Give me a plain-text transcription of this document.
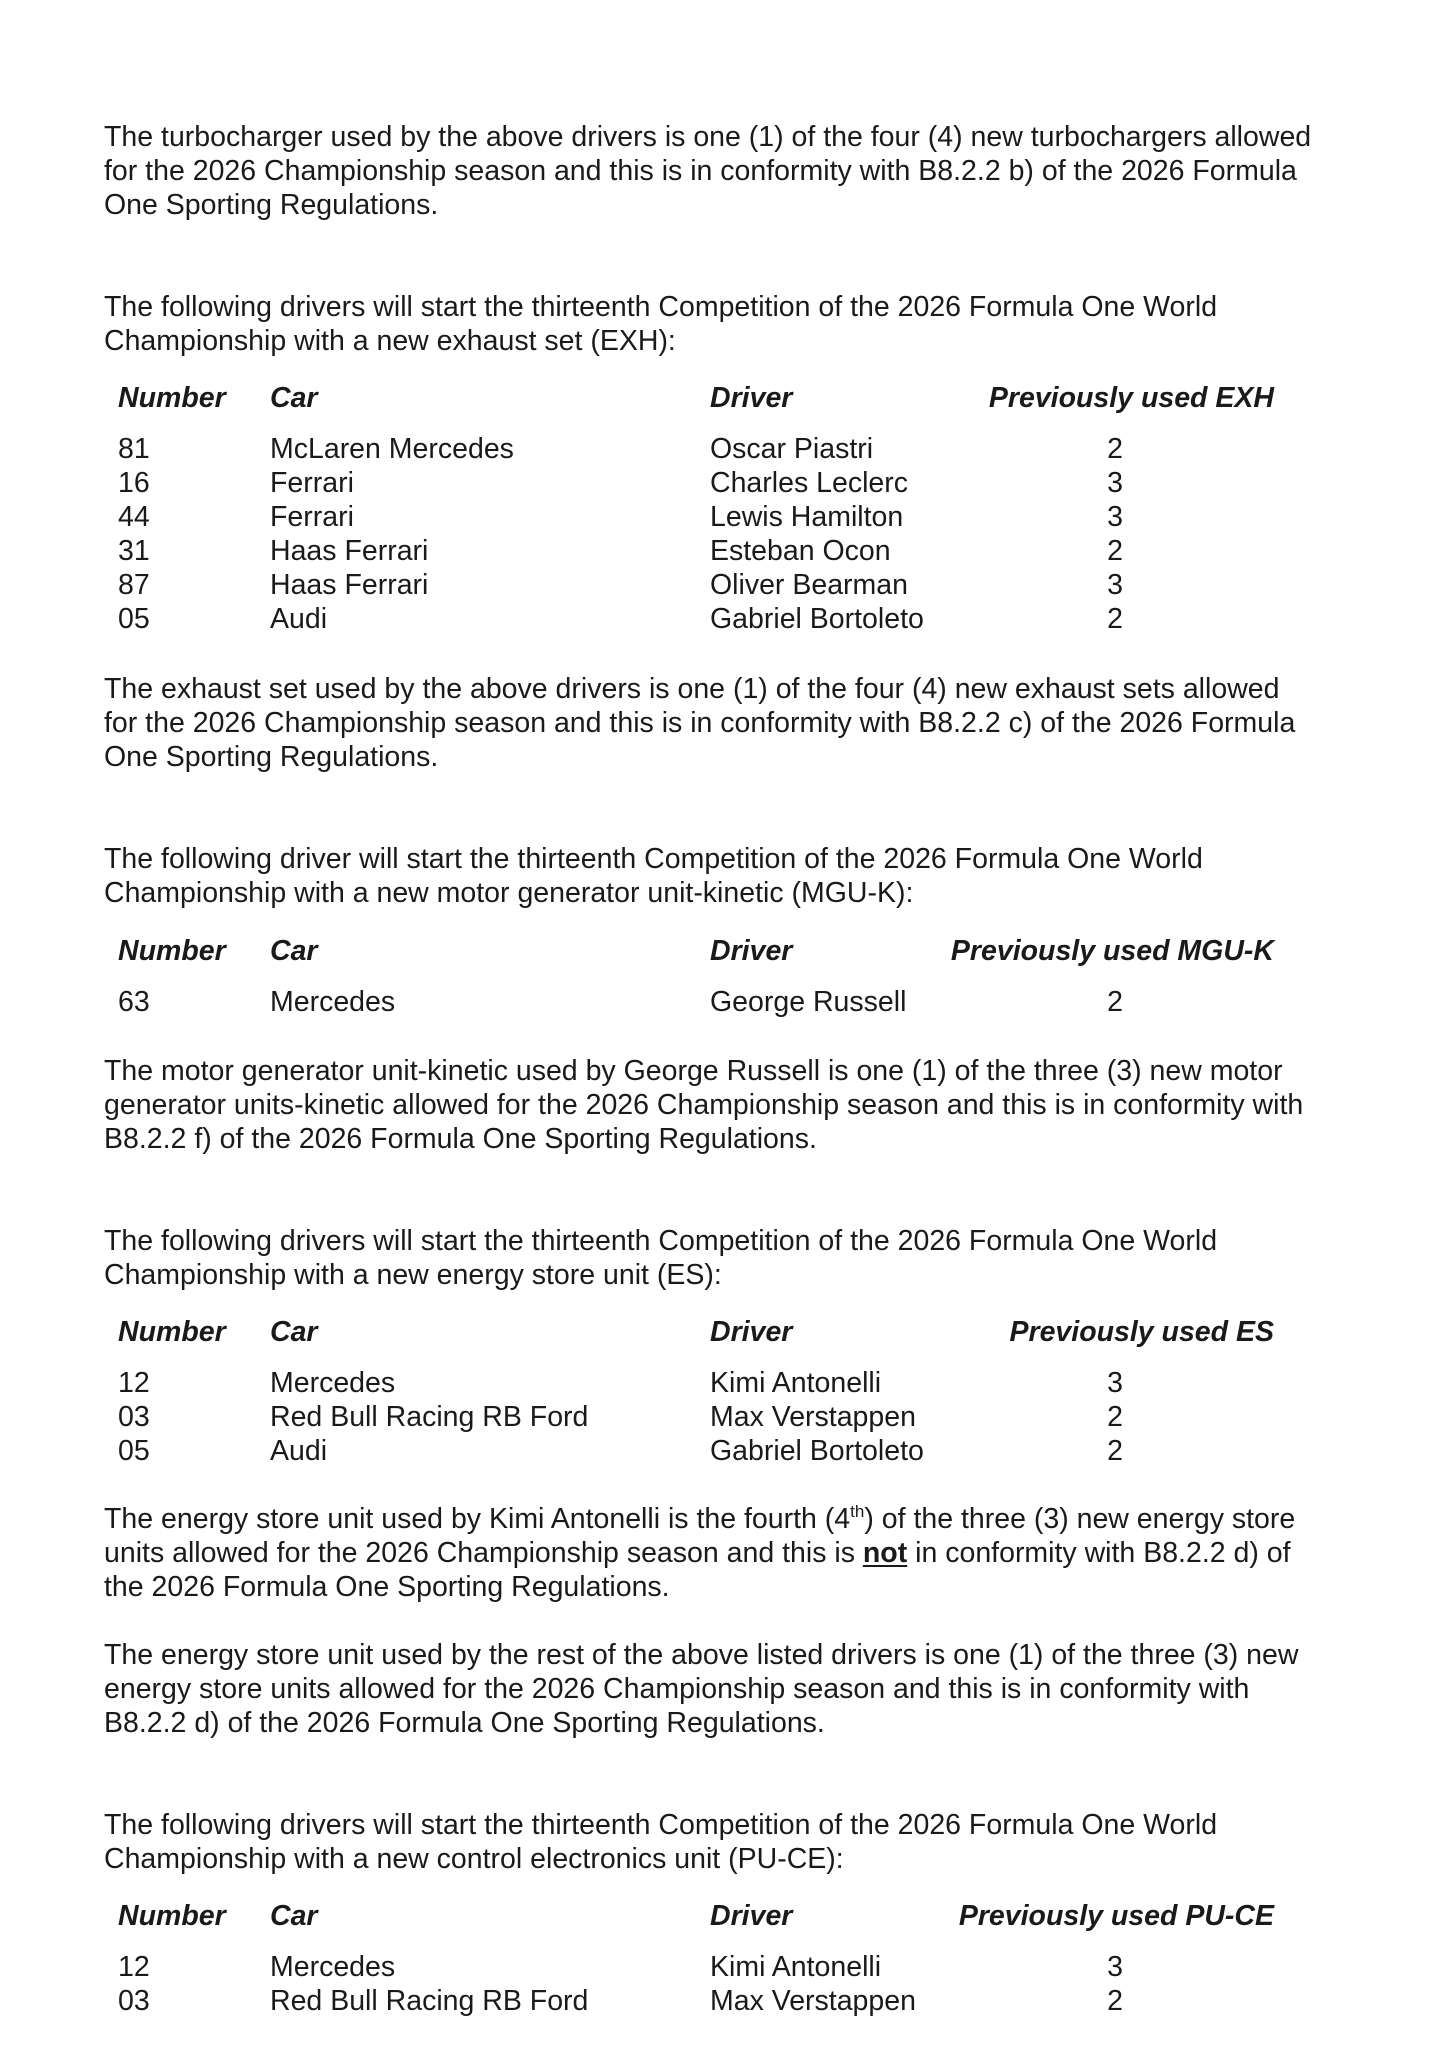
The turbocharger used by the above drivers is one (1) of the four (4) new turbochargers allowed
for the 2026 Championship season and this is in conformity with B8.2.2 b) of the 2026 Formula
One Sporting Regulations.

The following drivers will start the thirteenth Competition of the 2026 Formula One World
Championship with a new exhaust set (EXH):

Number Car	Driver	Previously used EXH
81	McLaren Mercedes	Oscar Piastri	2
16	Ferrari	Charles Leclerc	3
44	Ferrari	Lewis Hamilton	3
31	Haas Ferrari	Esteban Ocon	2
87	Haas Ferrari	Oliver Bearman	3
05	Audi	Gabriel Bortoleto	2

The exhaust set used by the above drivers is one (1) of the four (4) new exhaust sets allowed
for the 2026 Championship season and this is in conformity with B8.2.2 c) of the 2026 Formula
One Sporting Regulations.

The following driver will start the thirteenth Competition of the 2026 Formula One World
Championship with a new motor generator unit-kinetic (MGU-K):

Number Car	Driver	Previously used MGU-K
63	Mercedes	George Russell	2

The motor generator unit-kinetic used by George Russell is one (1) of the three (3) new motor
generator units-kinetic allowed for the 2026 Championship season and this is in conformity with
B8.2.2 f) of the 2026 Formula One Sporting Regulations.

The following drivers will start the thirteenth Competition of the 2026 Formula One World
Championship with a new energy store unit (ES):

Number Car	Driver	Previously used ES
12	Mercedes	Kimi Antonelli	3
03	Red Bull Racing RB Ford	Max Verstappen	2
05	Audi	Gabriel Bortoleto	2

The energy store unit used by Kimi Antonelli is the fourth (4th) of the three (3) new energy store
units allowed for the 2026 Championship season and this is not in conformity with B8.2.2 d) of
the 2026 Formula One Sporting Regulations.

The energy store unit used by the rest of the above listed drivers is one (1) of the three (3) new
energy store units allowed for the 2026 Championship season and this is in conformity with
B8.2.2 d) of the 2026 Formula One Sporting Regulations.

The following drivers will start the thirteenth Competition of the 2026 Formula One World
Championship with a new control electronics unit (PU-CE):

Number Car	Driver	Previously used PU-CE
12	Mercedes	Kimi Antonelli	3
03	Red Bull Racing RB Ford	Max Verstappen	2
